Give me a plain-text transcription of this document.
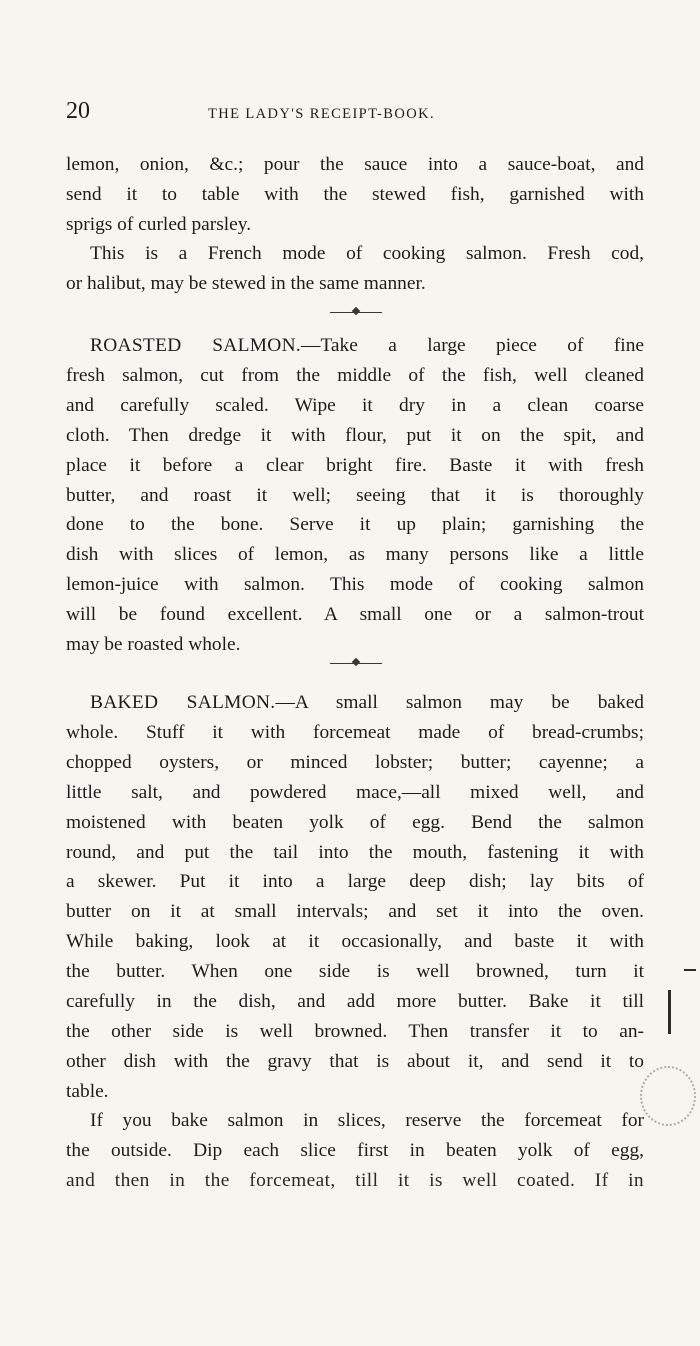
20	THE LADY'S RECEIPT-BOOK.

lemon, onion, &c.; pour the sauce into a sauce-boat, and
send it to table with the stewed fish, garnished with
sprigs of curled parsley.

This is a French mode of cooking salmon. Fresh cod,
or halibut, may be stewed in the same manner.

ROASTED SALMON.—Take a large piece of fine
fresh salmon, cut from the middle of the fish, well cleaned
and carefully scaled. Wipe it dry in a clean coarse
cloth. Then dredge it with flour, put it on the spit, and
place it before a clear bright fire. Baste it with fresh
butter, and roast it well; seeing that it is thoroughly
done to the bone. Serve it up plain; garnishing the
dish with slices of lemon, as many persons like a little
lemon-juice with salmon. This mode of cooking salmon
will be found excellent. A small one or a salmon-trout
may be roasted whole.

BAKED SALMON.—A small salmon may be baked
whole. Stuff it with forcemeat made of bread-crumbs;
chopped oysters, or minced lobster; butter; cayenne; a
little salt, and powdered mace,—all mixed well, and
moistened with beaten yolk of egg. Bend the salmon
round, and put the tail into the mouth, fastening it with
a skewer. Put it into a large deep dish; lay bits of
butter on it at small intervals; and set it into the oven.
While baking, look at it occasionally, and baste it with
the butter. When one side is well browned, turn it
carefully in the dish, and add more butter. Bake it till
the other side is well browned. Then transfer it to an-
other dish with the gravy that is about it, and send it to
table.

If you bake salmon in slices, reserve the forcemeat for
the outside. Dip each slice first in beaten yolk of egg,
and then in the forcemeat, till it is well coated. If in
